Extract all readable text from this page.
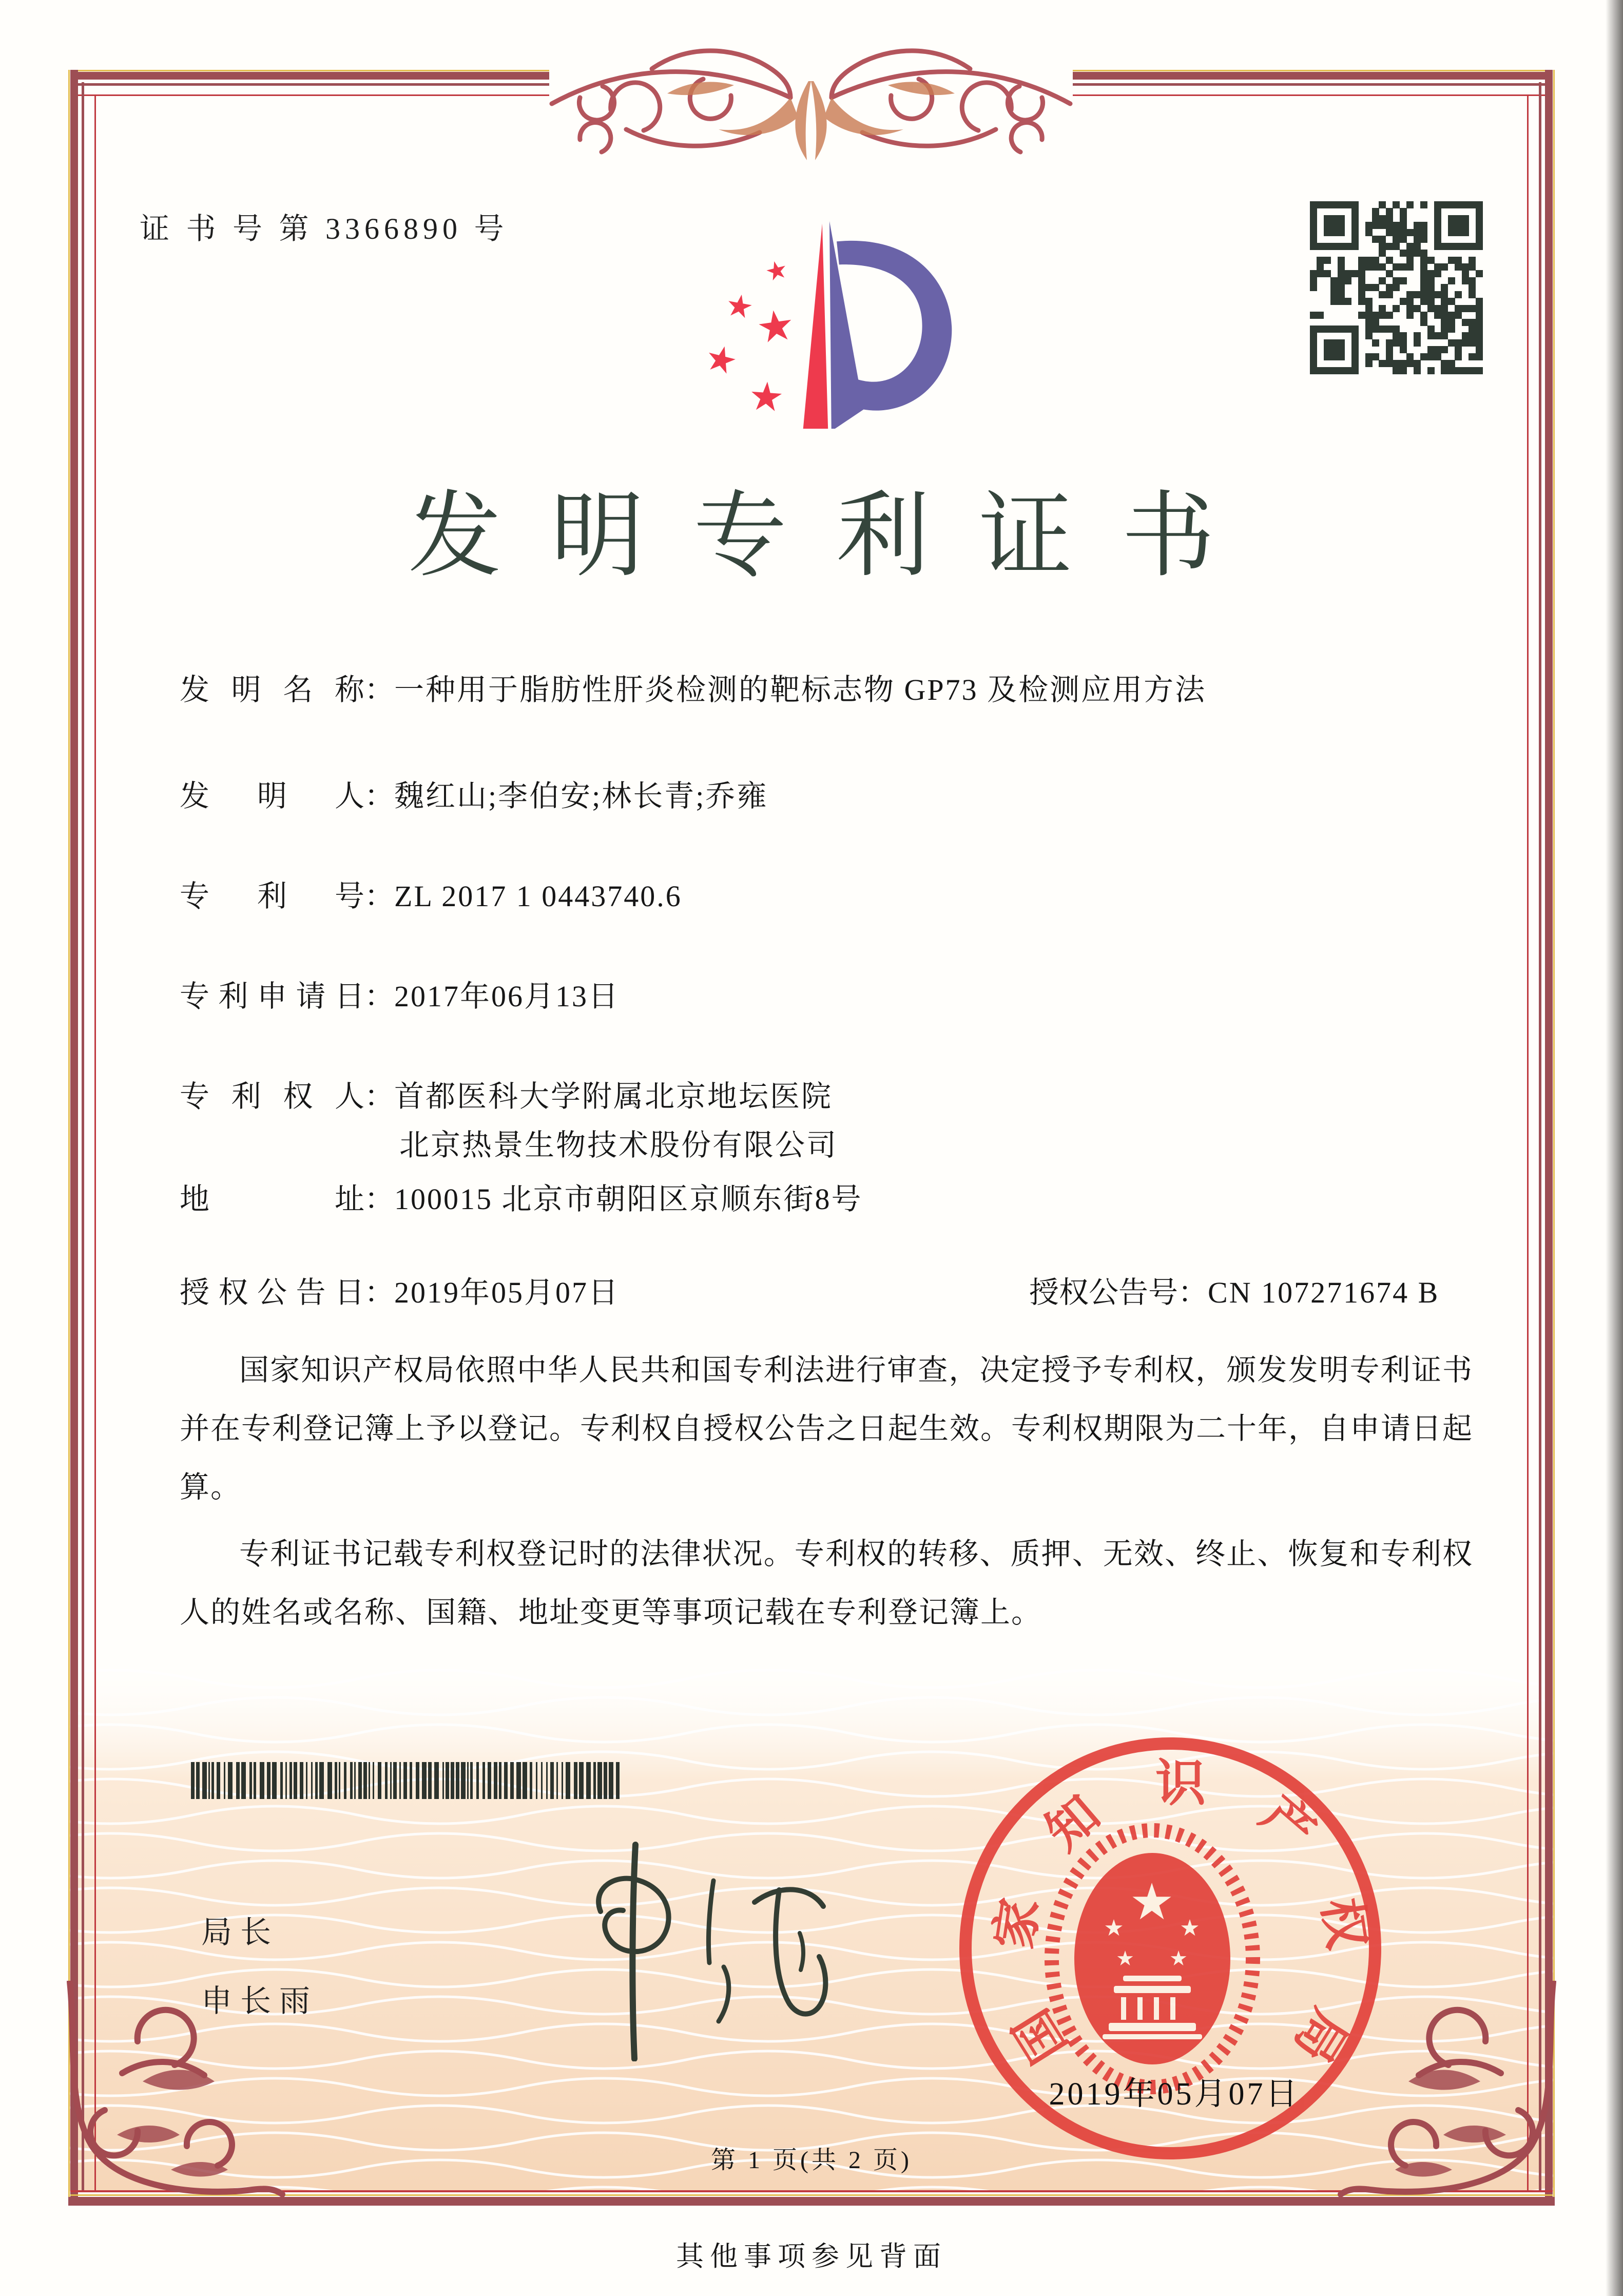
证 书 号 第 3366890 号
★
★
★
★
★
发明专利证书
发 明 名 称 ：一种用于脂肪性肝炎检测的靶标志物 GP73 及检测应用方法
发 明 人 ：魏红山;李伯安;林长青;乔雍
专 利 号 ：ZL 2017 1 0443740.6
专 利 申 请 日 ：2017年06月13日
专 利 权 人 ：首都医科大学附属北京地坛医院
北京热景生物技术股份有限公司
地	址 ：100015 北京市朝阳区京顺东街8号
授 权 公 告 日 ：2019年05月07日	授权公告号：CN 107271674 B

国家知识产权局依照中华人民共和国专利法进行审查，决定授予专利权，颁发发明专利证书并在专利登记簿上予以登记。专利权自授权公告之日起生效。专利权期限为二十年，自申请日起算。

专利证书记载专利权登记时的法律状况。专利权的转移、质押、无效、终止、恢复和专利权人的姓名或名称、国籍、地址变更等事项记载在专利登记簿上。

局长
申长雨
★
★ ★
★ ★
国
家
知
识
产
权
局
2019年05月07日
第 1 页(共 2 页)
其他事项参见背面
